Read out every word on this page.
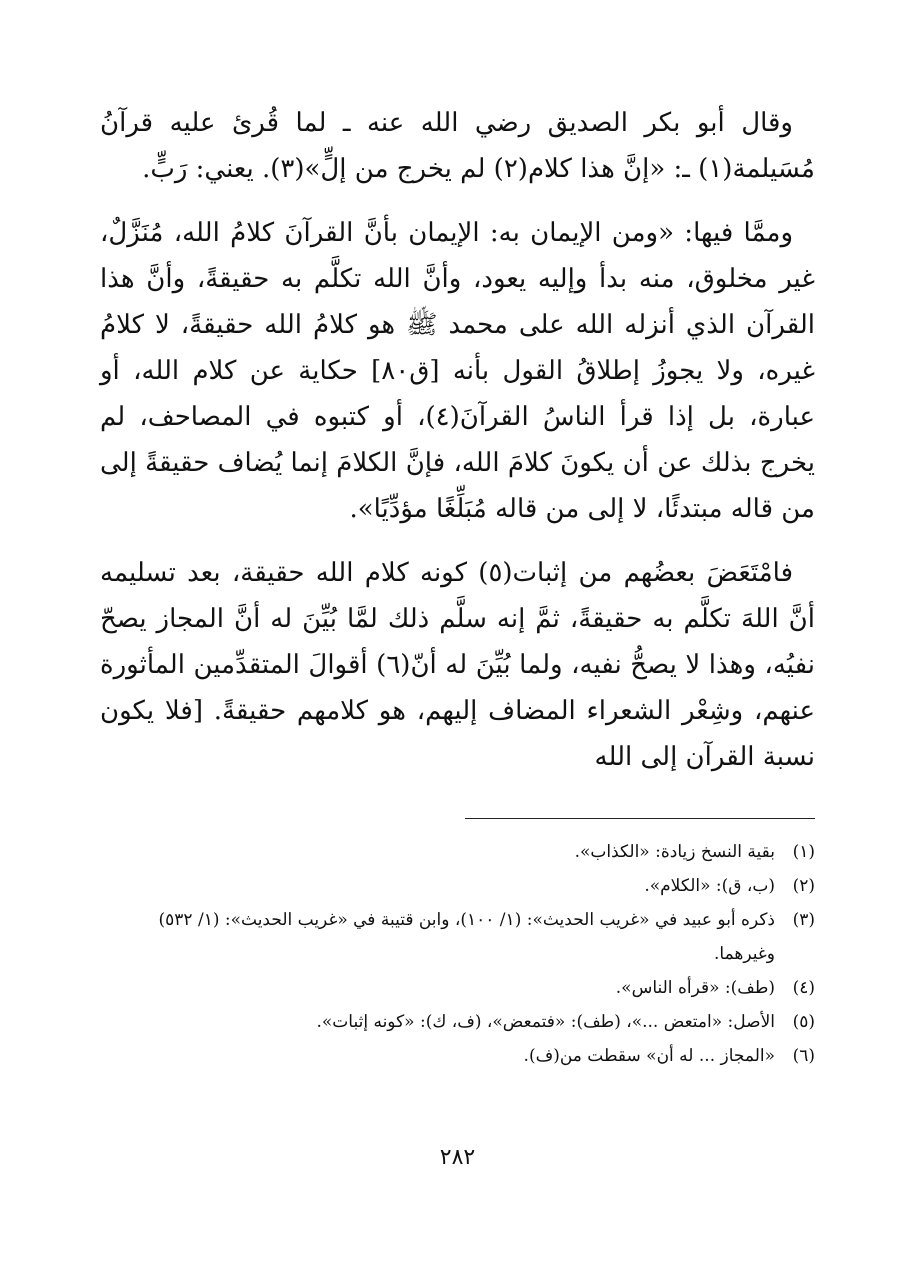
وقال أبو بكر الصديق رضي الله عنه ـ لما قُرئ عليه قرآنُ مُسَيلمة(١) ـ: «إنَّ هذا كلام(٢) لم يخرج من إلٍّ»(٣). يعني: رَبٍّ.

وممَّا فيها: «ومن الإيمان به: الإيمان بأنَّ القرآنَ كلامُ الله، مُنَزَّلٌ، غير مخلوق، منه بدأ وإليه يعود، وأنَّ الله تكلَّم به حقيقةً، وأنَّ هذا القرآن الذي أنزله الله على محمد ﷺ هو كلامُ الله حقيقةً، لا كلامُ غيره، ولا يجوزُ إطلاقُ القول بأنه [ق٨٠] حكاية عن كلام الله، أو عبارة، بل إذا قرأ الناسُ القرآنَ(٤)، أو كتبوه في المصاحف، لم يخرج بذلك عن أن يكونَ كلامَ الله، فإنَّ الكلامَ إنما يُضاف حقيقةً إلى من قاله مبتدئًا، لا إلى من قاله مُبَلِّغًا مؤدِّيًا».

فامْتَعَضَ بعضُهم من إثبات(٥) كونه كلام الله حقيقة، بعد تسليمه أنَّ اللهَ تكلَّم به حقيقةً، ثمَّ إنه سلَّم ذلك لمَّا بُيِّنَ له أنَّ المجاز يصحّ نفيُه، وهذا لا يصحُّ نفيه، ولما بُيِّنَ له أنّ(٦) أقوالَ المتقدِّمين المأثورة عنهم، وشِعْر الشعراء المضاف إليهم، هو كلامهم حقيقةً. [فلا يكون نسبة القرآن إلى الله

(١)
بقية النسخ زيادة: «الكذاب».
(٢)
(ب، ق): «الكلام».
(٣)
ذكره أبو عبيد في «غريب الحديث»: (١/ ١٠٠)، وابن قتيبة في «غريب الحديث»: (١/ ٥٣٢) وغيرهما.
(٤)
(طف): «قرأه الناس».
(٥)
الأصل: «امتعض ...»، (طف): «فتمعض»، (ف، ك): «كونه إثبات».
(٦)
«المجاز ... له أن» سقطت من(ف).
٢٨٢
